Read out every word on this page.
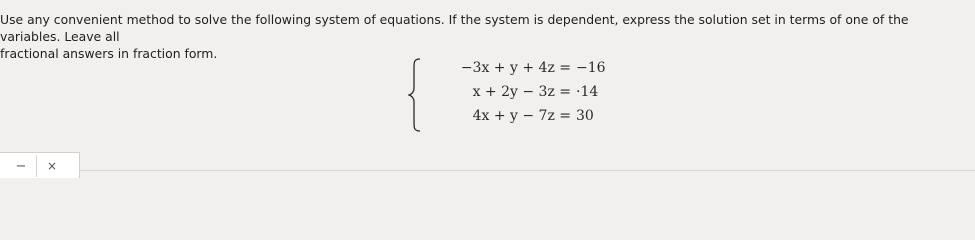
Use any convenient method to solve the following system of equations. If the system is dependent, express the solution set in terms of one of the variables. Leave all
fractional answers in fraction form.
−3x + y + 4z = −16
x + 2y − 3z = ·14
4x + y − 7z = 30
−	×
